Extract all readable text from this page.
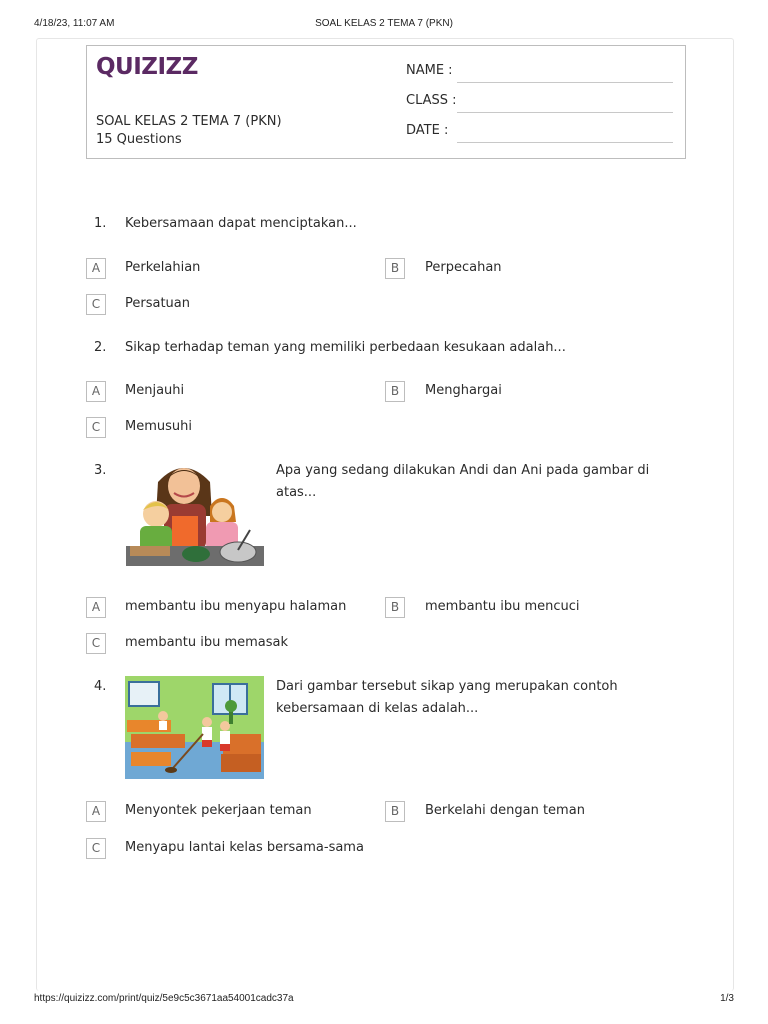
4/18/23, 11:07 AM	SOAL KELAS 2 TEMA 7 (PKN)
QUIZIZZ
SOAL KELAS 2 TEMA 7 (PKN)
15 Questions
NAME :
CLASS :
DATE :
1. Kebersamaan dapat menciptakan...
A	Perkelahian	B	Perpecahan
C	Persatuan
2. Sikap terhadap teman yang memiliki perbedaan kesukaan adalah...
A	Menjauhi	B	Menghargai
C	Memusuhi
3.	Apa yang sedang dilakukan Andi dan Ani pada gambar di atas...
A	membantu ibu menyapu halaman	B	membantu ibu mencuci
C	membantu ibu memasak
4.	Dari gambar tersebut sikap yang merupakan contoh
kebersamaan di kelas adalah...
A	Menyontek pekerjaan teman	B	Berkelahi dengan teman
C	Menyapu lantai kelas bersama-sama
https://quizizz.com/print/quiz/5e9c5c3671aa54001cadc37a	1/3
